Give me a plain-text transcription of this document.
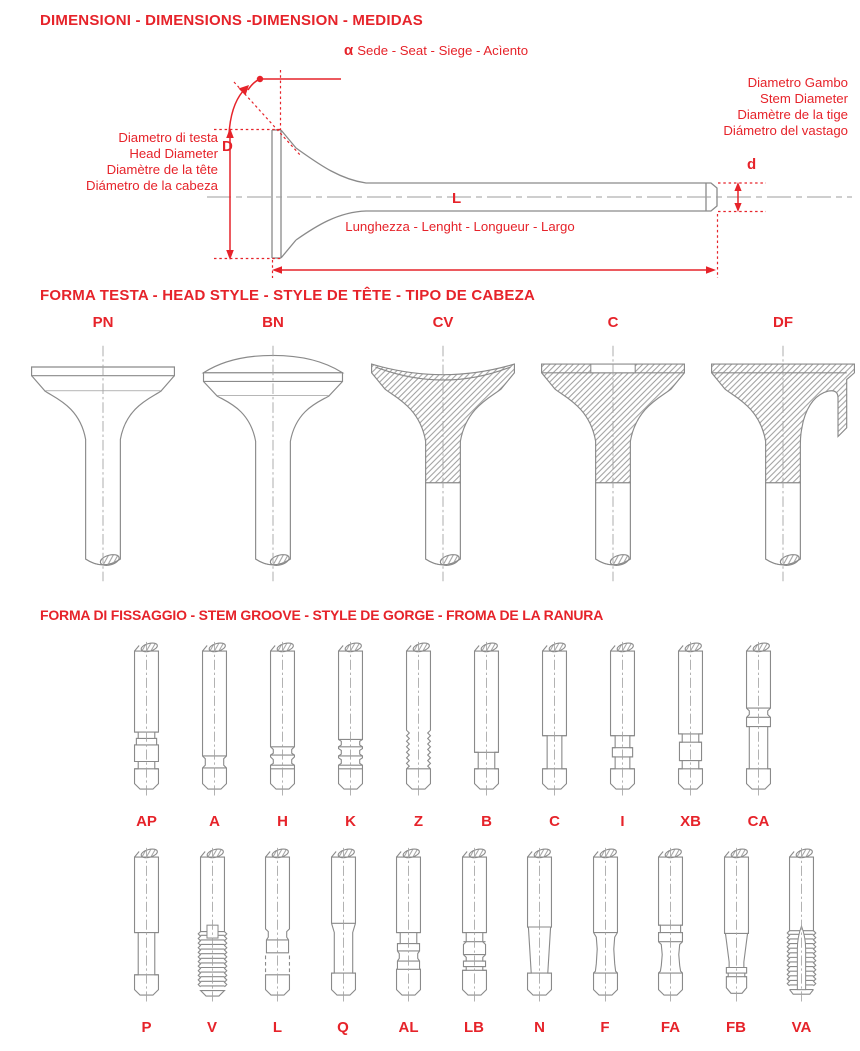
DIMENSIONI - DIMENSIONS -DIMENSION - MEDIDAS
α Sede - Seat - Siege - Acìento
Diametro Gambo
Stem Diameter
Diamètre de la tige
Diámetro del vastago
Diametro di testa
Head Diameter
Diamètre de la tête
Diámetro de la cabeza
D
d
L
Lunghezza - Lenght - Longueur - Largo
FORMA TESTA - HEAD STYLE - STYLE DE TÊTE - TIPO DE CABEZA
PN	BN	CV	C	DF
FORMA DI FISSAGGIO - STEM GROOVE - STYLE DE GORGE - FROMA DE LA RANURA
AP	A	H	K	Z	B	C	I	XB	CA
P	V	L	Q	AL	LB	N	F	FA	FB	VA
